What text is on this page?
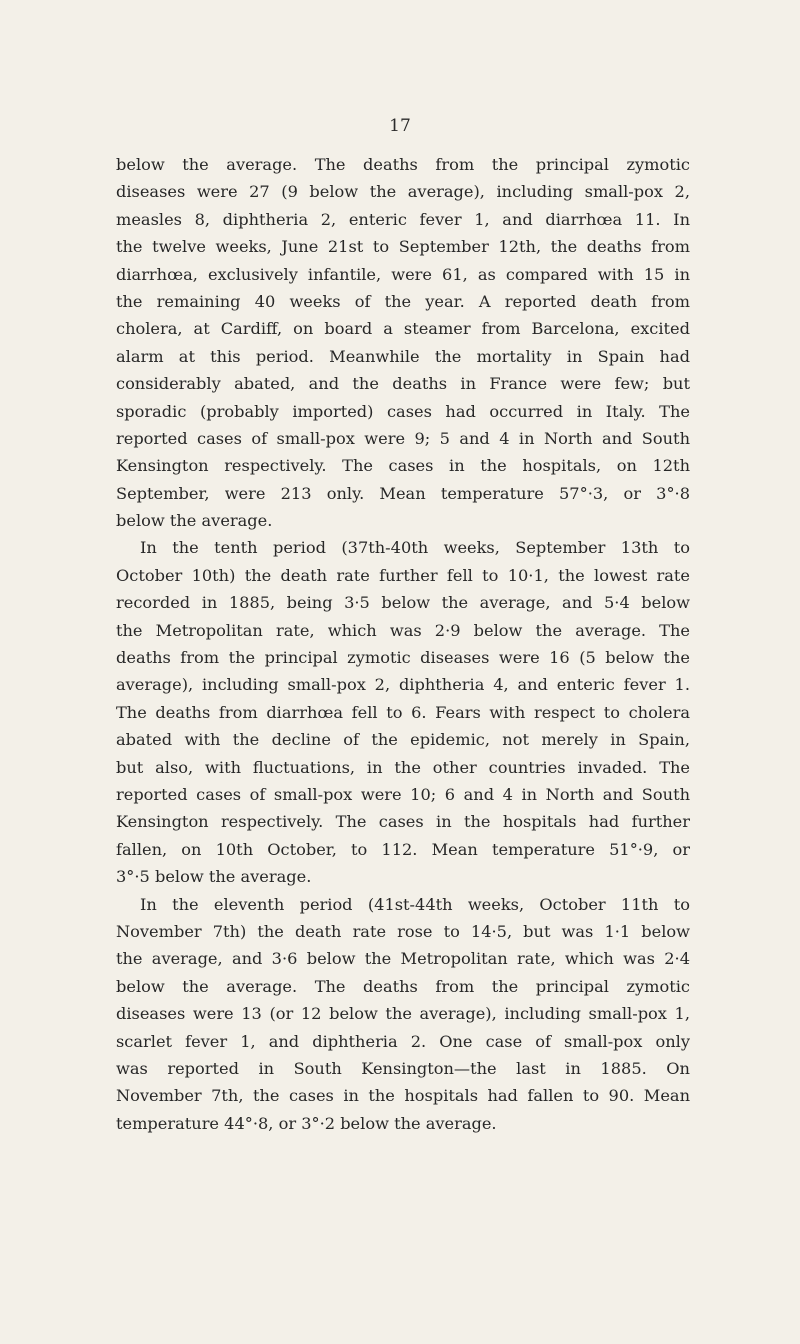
17
below the average. The deaths from the principal zymotic
diseases were 27 (9 below the average), including small-pox 2,
measles 8, diphtheria 2, enteric fever 1, and diarrhœa 11. In
the twelve weeks, June 21st to September 12th, the deaths from
diarrhœa, exclusively infantile, were 61, as compared with 15 in
the remaining 40 weeks of the year. A reported death from
cholera, at Cardiff, on board a steamer from Barcelona, excited
alarm at this period. Meanwhile the mortality in Spain had
considerably abated, and the deaths in France were few; but
sporadic (probably imported) cases had occurred in Italy. The
reported cases of small-pox were 9; 5 and 4 in North and South
Kensington respectively. The cases in the hospitals, on 12th
September, were 213 only. Mean temperature 57°·3, or 3°·8
below the average.
In the tenth period (37th-40th weeks, September 13th to
October 10th) the death rate further fell to 10·1, the lowest rate
recorded in 1885, being 3·5 below the average, and 5·4 below
the Metropolitan rate, which was 2·9 below the average. The
deaths from the principal zymotic diseases were 16 (5 below the
average), including small-pox 2, diphtheria 4, and enteric fever 1.
The deaths from diarrhœa fell to 6. Fears with respect to cholera
abated with the decline of the epidemic, not merely in Spain,
but also, with fluctuations, in the other countries invaded. The
reported cases of small-pox were 10; 6 and 4 in North and South
Kensington respectively. The cases in the hospitals had further
fallen, on 10th October, to 112. Mean temperature 51°·9, or
3°·5 below the average.
In the eleventh period (41st-44th weeks, October 11th to
November 7th) the death rate rose to 14·5, but was 1·1 below
the average, and 3·6 below the Metropolitan rate, which was 2·4
below the average. The deaths from the principal zymotic
diseases were 13 (or 12 below the average), including small-pox 1,
scarlet fever 1, and diphtheria 2. One case of small-pox only
was reported in South Kensington—the last in 1885. On
November 7th, the cases in the hospitals had fallen to 90. Mean
temperature 44°·8, or 3°·2 below the average.
